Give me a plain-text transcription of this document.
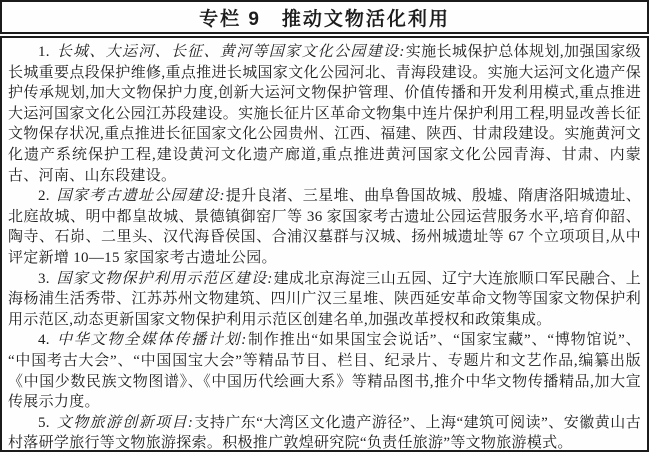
专栏 9　推动文物活化利用

1. 长城、大运河、长征、黄河等国家文化公园建设:实施长城保护总体规划,加强国家级长城重要点段保护维修,重点推进长城国家文化公园河北、青海段建设。实施大运河文化遗产保护传承规划,加大文物保护力度,创新大运河文物保护管理、价值传播和开发利用模式,重点推进大运河国家文化公园江苏段建设。实施长征片区革命文物集中连片保护利用工程,明显改善长征文物保存状况,重点推进长征国家文化公园贵州、江西、福建、陕西、甘肃段建设。实施黄河文化遗产系统保护工程,建设黄河文化遗产廊道,重点推进黄河国家文化公园青海、甘肃、内蒙古、河南、山东段建设。

2. 国家考古遗址公园建设:提升良渚、三星堆、曲阜鲁国故城、殷墟、隋唐洛阳城遗址、北庭故城、明中都皇故城、景德镇御窑厂等 36 家国家考古遗址公园运营服务水平,培育仰韶、陶寺、石峁、二里头、汉代海昏侯国、合浦汉墓群与汉城、扬州城遗址等 67 个立项项目,从中评定新增 10—15 家国家考古遗址公园。

3. 国家文物保护利用示范区建设:建成北京海淀三山五园、辽宁大连旅顺口军民融合、上海杨浦生活秀带、江苏苏州文物建筑、四川广汉三星堆、陕西延安革命文物等国家文物保护利用示范区,动态更新国家文物保护利用示范区创建名单,加强改革授权和政策集成。

4. 中华文物全媒体传播计划:制作推出“如果国宝会说话”、“国家宝藏”、“博物馆说”、“中国考古大会”、“中国国宝大会”等精品节目、栏目、纪录片、专题片和文艺作品,编纂出版《中国少数民族文物图谱》、《中国历代绘画大系》等精品图书,推介中华文物传播精品,加大宣传展示力度。

5. 文物旅游创新项目:支持广东“大湾区文化遗产游径”、上海“建筑可阅读”、安徽黄山古村落研学旅行等文物旅游探索。积极推广敦煌研究院“负责任旅游”等文物旅游模式。
